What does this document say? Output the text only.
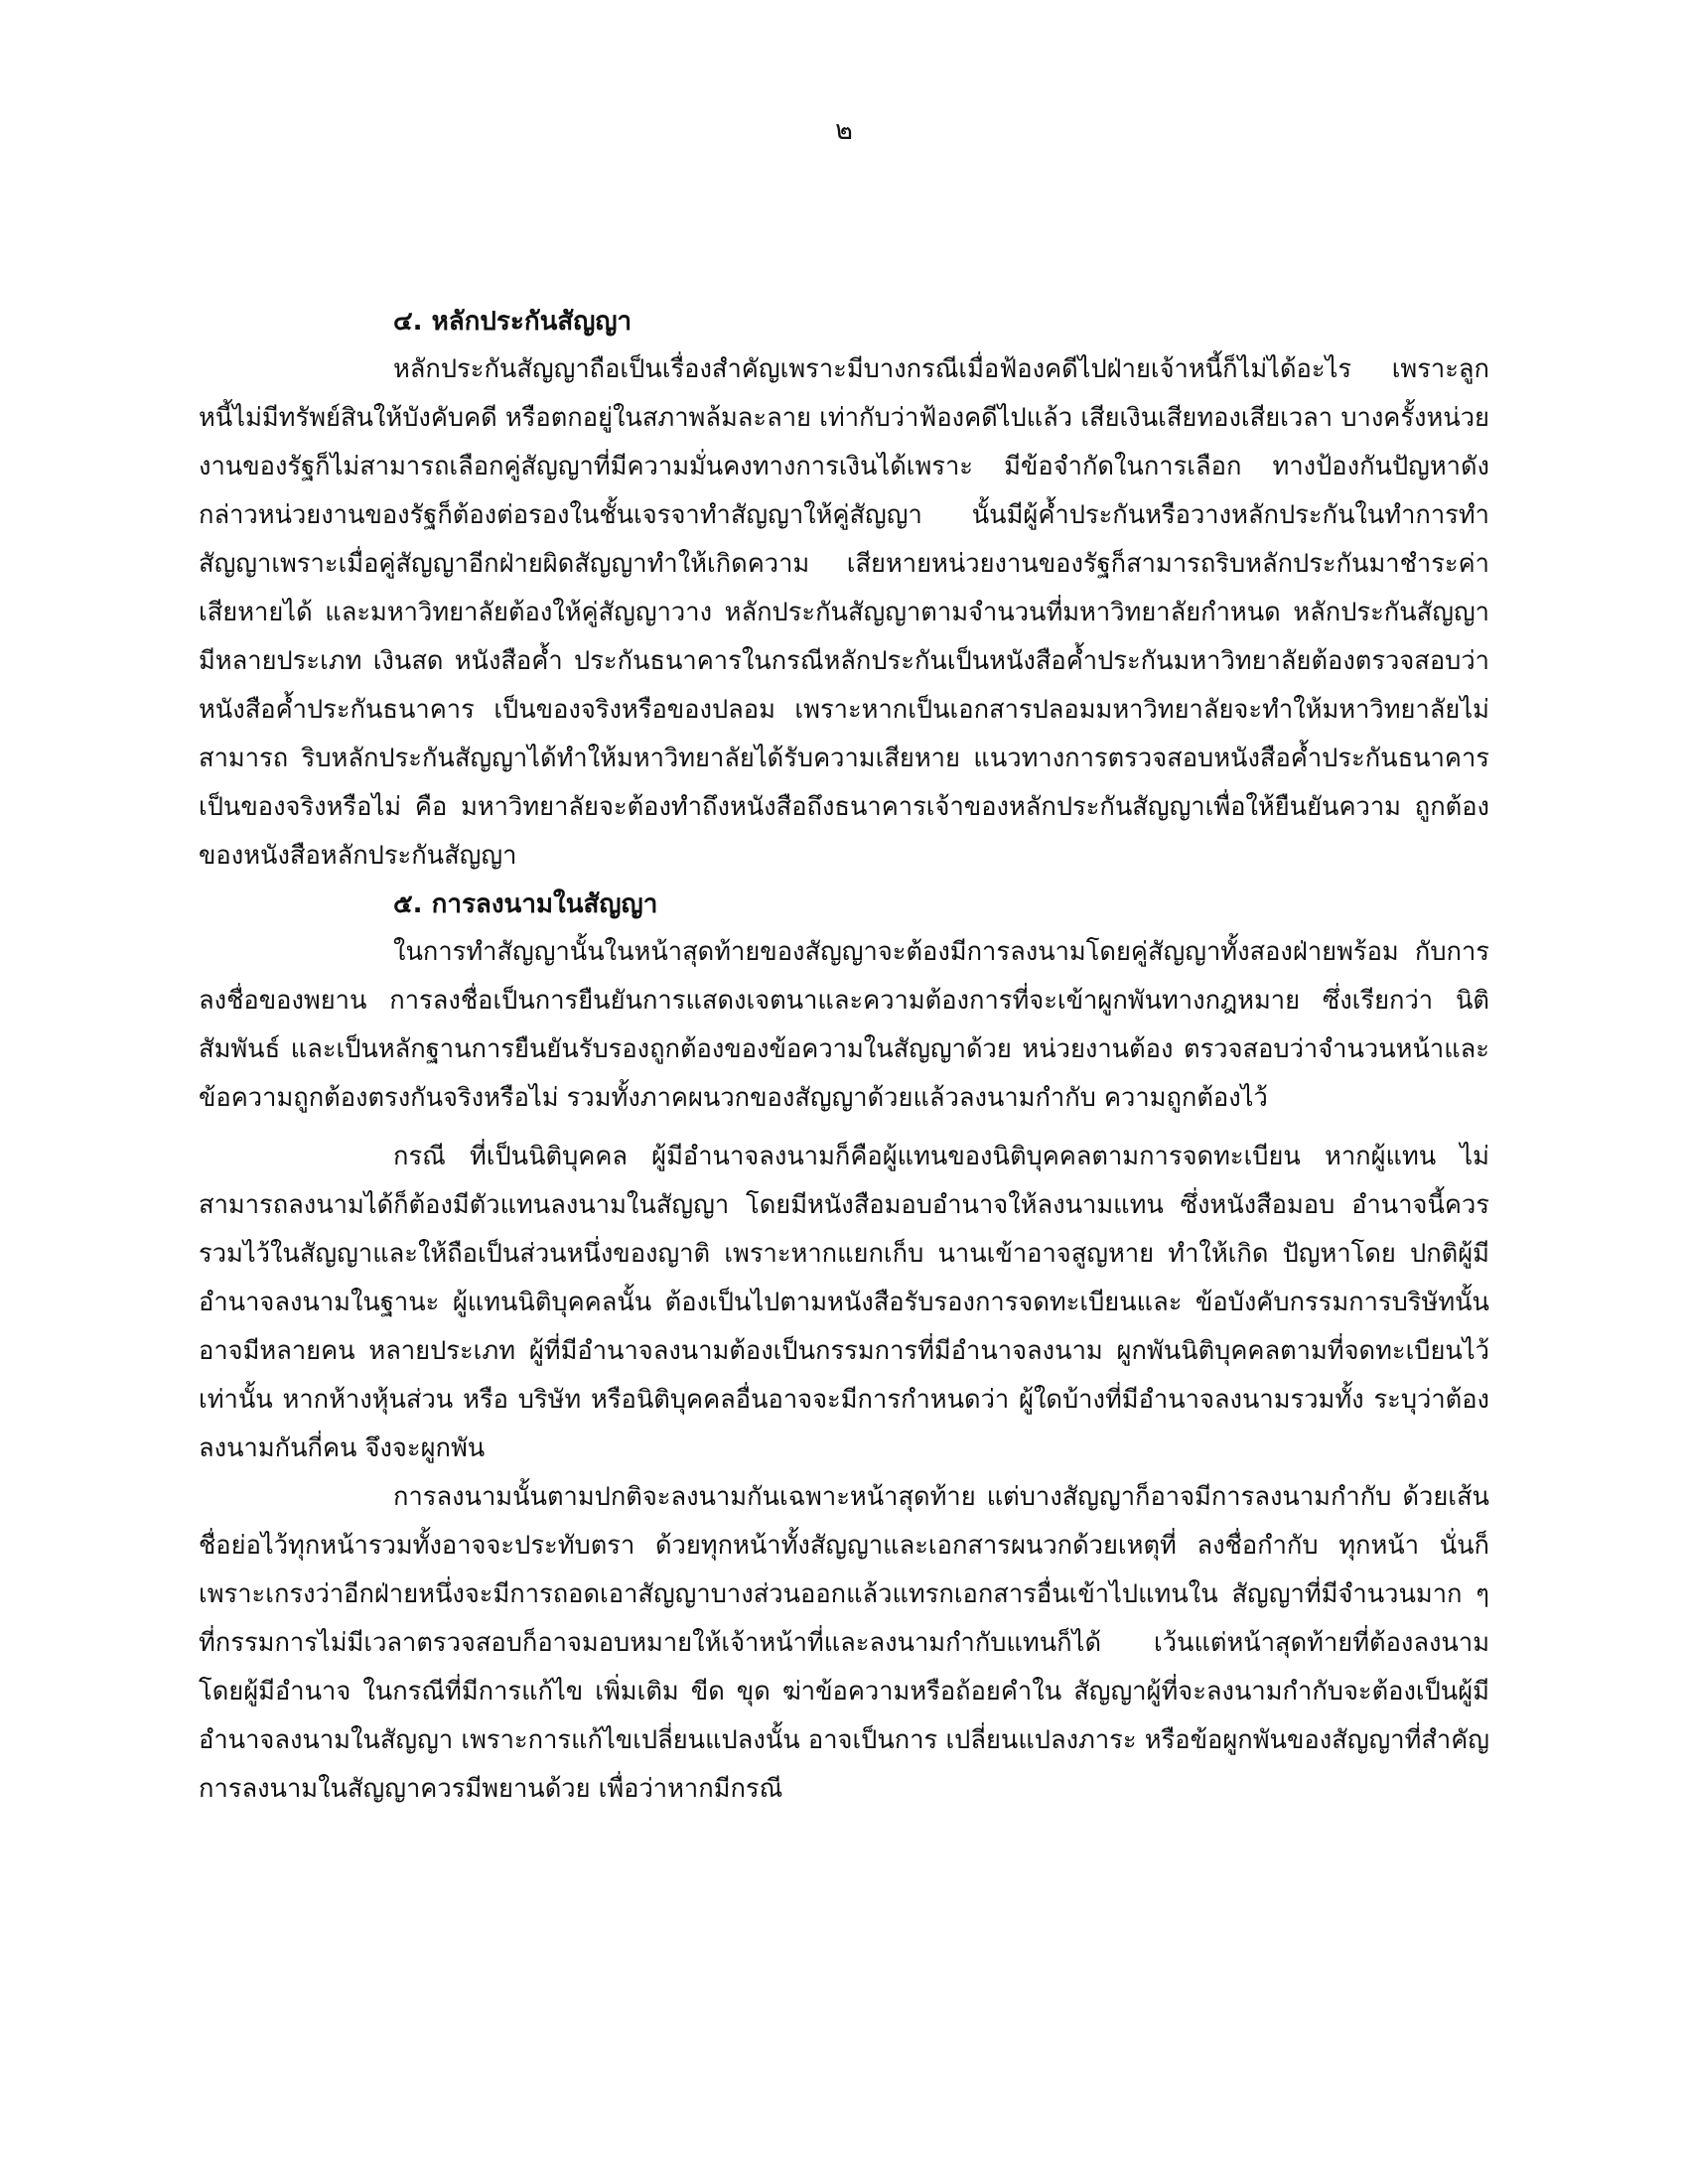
๒
๔. หลักประกันสัญญา

หลักประกันสัญญาถือเป็นเรื่องสำคัญเพราะมีบางกรณีเมื่อฟ้องคดีไปฝ่ายเจ้าหนี้ก็ไม่ได้อะไร เพราะลูกหนี้ไม่มีทรัพย์สินให้บังคับคดี หรือตกอยู่ในสภาพล้มละลาย เท่ากับว่าฟ้องคดีไปแล้ว เสียเงินเสียทองเสียเวลา บางครั้งหน่วยงานของรัฐก็ไม่สามารถเลือกคู่สัญญาที่มีความมั่นคงทางการเงินได้เพราะ มีข้อจำกัดในการเลือก ทางป้องกันปัญหาดังกล่าวหน่วยงานของรัฐก็ต้องต่อรองในชั้นเจรจาทำสัญญาให้คู่สัญญา นั้นมีผู้ค้ำประกันหรือวางหลักประกันในทำการทำสัญญาเพราะเมื่อคู่สัญญาอีกฝ่ายผิดสัญญาทำให้เกิดความ เสียหายหน่วยงานของรัฐก็สามารถริบหลักประกันมาชำระค่าเสียหายได้ และมหาวิทยาลัยต้องให้คู่สัญญาวาง หลักประกันสัญญาตามจำนวนที่มหาวิทยาลัยกำหนด หลักประกันสัญญา มีหลายประเภท เงินสด หนังสือค้ำ ประกันธนาคารในกรณีหลักประกันเป็นหนังสือค้ำประกันมหาวิทยาลัยต้องตรวจสอบว่าหนังสือค้ำประกันธนาคาร เป็นของจริงหรือของปลอม เพราะหากเป็นเอกสารปลอมมหาวิทยาลัยจะทำให้มหาวิทยาลัยไม่สามารถ ริบหลักประกันสัญญาได้ทำให้มหาวิทยาลัยได้รับความเสียหาย แนวทางการตรวจสอบหนังสือค้ำประกันธนาคาร เป็นของจริงหรือไม่ คือ มหาวิทยาลัยจะต้องทำถึงหนังสือถึงธนาคารเจ้าของหลักประกันสัญญาเพื่อให้ยืนยันความ ถูกต้องของหนังสือหลักประกันสัญญา

๕. การลงนามในสัญญา

ในการทำสัญญานั้นในหน้าสุดท้ายของสัญญาจะต้องมีการลงนามโดยคู่สัญญาทั้งสองฝ่ายพร้อม กับการลงชื่อของพยาน การลงชื่อเป็นการยืนยันการแสดงเจตนาและความต้องการที่จะเข้าผูกพันทางกฎหมาย ซึ่งเรียกว่า นิติสัมพันธ์ และเป็นหลักฐานการยืนยันรับรองถูกต้องของข้อความในสัญญาด้วย หน่วยงานต้อง ตรวจสอบว่าจำนวนหน้าและข้อความถูกต้องตรงกันจริงหรือไม่ รวมทั้งภาคผนวกของสัญญาด้วยแล้วลงนามกำกับ ความถูกต้องไว้

กรณี ที่เป็นนิติบุคคล ผู้มีอำนาจลงนามก็คือผู้แทนของนิติบุคคลตามการจดทะเบียน หากผู้แทน ไม่สามารถลงนามได้ก็ต้องมีตัวแทนลงนามในสัญญา โดยมีหนังสือมอบอำนาจให้ลงนามแทน ซึ่งหนังสือมอบ อำนาจนี้ควรรวมไว้ในสัญญาและให้ถือเป็นส่วนหนึ่งของญาติ เพราะหากแยกเก็บ นานเข้าอาจสูญหาย ทำให้เกิด ปัญหาโดย ปกติผู้มีอำนาจลงนามในฐานะ ผู้แทนนิติบุคคลนั้น ต้องเป็นไปตามหนังสือรับรองการจดทะเบียนและ ข้อบังคับกรรมการบริษัทนั้นอาจมีหลายคน หลายประเภท ผู้ที่มีอำนาจลงนามต้องเป็นกรรมการที่มีอำนาจลงนาม ผูกพันนิติบุคคลตามที่จดทะเบียนไว้เท่านั้น หากห้างหุ้นส่วน หรือ บริษัท หรือนิติบุคคลอื่นอาจจะมีการกำหนดว่า ผู้ใดบ้างที่มีอำนาจลงนามรวมทั้ง ระบุว่าต้องลงนามกันกี่คน จึงจะผูกพัน

การลงนามนั้นตามปกติจะลงนามกันเฉพาะหน้าสุดท้าย แต่บางสัญญาก็อาจมีการลงนามกำกับ ด้วยเส้นชื่อย่อไว้ทุกหน้ารวมทั้งอาจจะประทับตรา ด้วยทุกหน้าทั้งสัญญาและเอกสารผนวกด้วยเหตุที่ ลงชื่อกำกับ ทุกหน้า นั่นก็เพราะเกรงว่าอีกฝ่ายหนึ่งจะมีการถอดเอาสัญญาบางส่วนออกแล้วแทรกเอกสารอื่นเข้าไปแทนใน สัญญาที่มีจำนวนมาก ๆ ที่กรรมการไม่มีเวลาตรวจสอบก็อาจมอบหมายให้เจ้าหน้าที่และลงนามกำกับแทนก็ได้ เว้นแต่หน้าสุดท้ายที่ต้องลงนามโดยผู้มีอำนาจ ในกรณีที่มีการแก้ไข เพิ่มเติม ขีด ขุด ฆ่าข้อความหรือถ้อยคำใน สัญญาผู้ที่จะลงนามกำกับจะต้องเป็นผู้มีอำนาจลงนามในสัญญา เพราะการแก้ไขเปลี่ยนแปลงนั้น อาจเป็นการ เปลี่ยนแปลงภาระ หรือข้อผูกพันของสัญญาที่สำคัญ การลงนามในสัญญาควรมีพยานด้วย เพื่อว่าหากมีกรณี
